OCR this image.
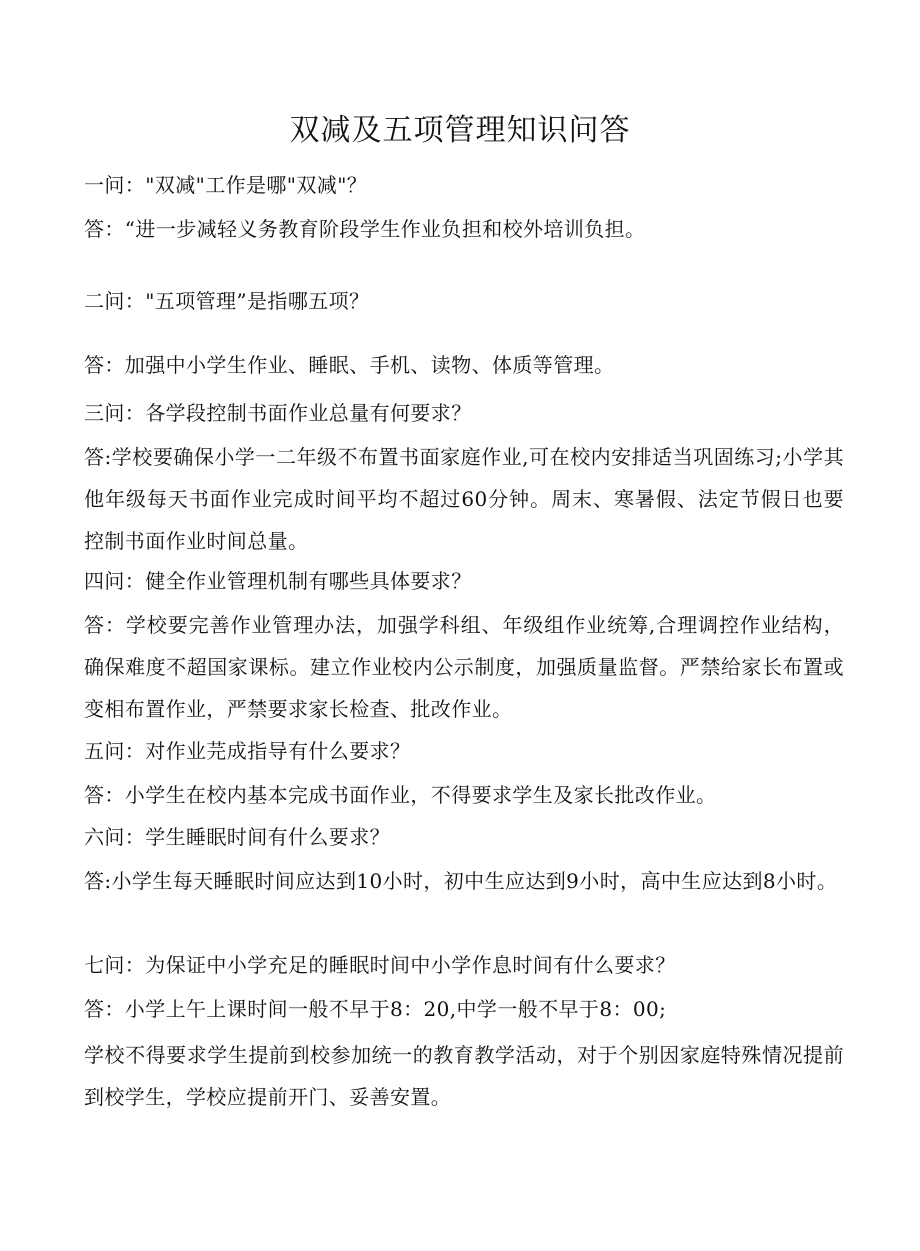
双减及五项管理知识问答

一问："双减"工作是哪"双减"？

答：“进一步减轻义务教育阶段学生作业负担和校外培训负担。

二问："五项管理”是指哪五项？

答：加强中小学生作业、睡眠、手机、读物、体质等管理。

三问：各学段控制书面作业总量有何要求？

答:学校要确保小学一二年级不布置书面家庭作业,可在校内安排适当巩固练习;小学其他年级每天书面作业完成时间平均不超过60分钟。周末、寒暑假、法定节假日也要控制书面作业时间总量。

四问：健全作业管理机制有哪些具体要求？

答：学校要完善作业管理办法，加强学科组、年级组作业统筹,合理调控作业结构，确保难度不超国家课标。建立作业校内公示制度，加强质量监督。严禁给家长布置或变相布置作业，严禁要求家长检查、批改作业。

五问：对作业芫成指导有什么要求？

答：小学生在校内基本完成书面作业，不得要求学生及家长批改作业。

六问：学生睡眠时间有什么要求？

答:小学生每天睡眠时间应达到10小时，初中生应达到9小时，高中生应达到8小时。

七问：为保证中小学充足的睡眠时间中小学作息时间有什么要求？

答：小学上午上课时间一般不早于8：20,中学一般不早于8：00;

学校不得要求学生提前到校参加统一的教育教学活动，对于个别因家庭特殊情况提前到校学生，学校应提前开门、妥善安置。
